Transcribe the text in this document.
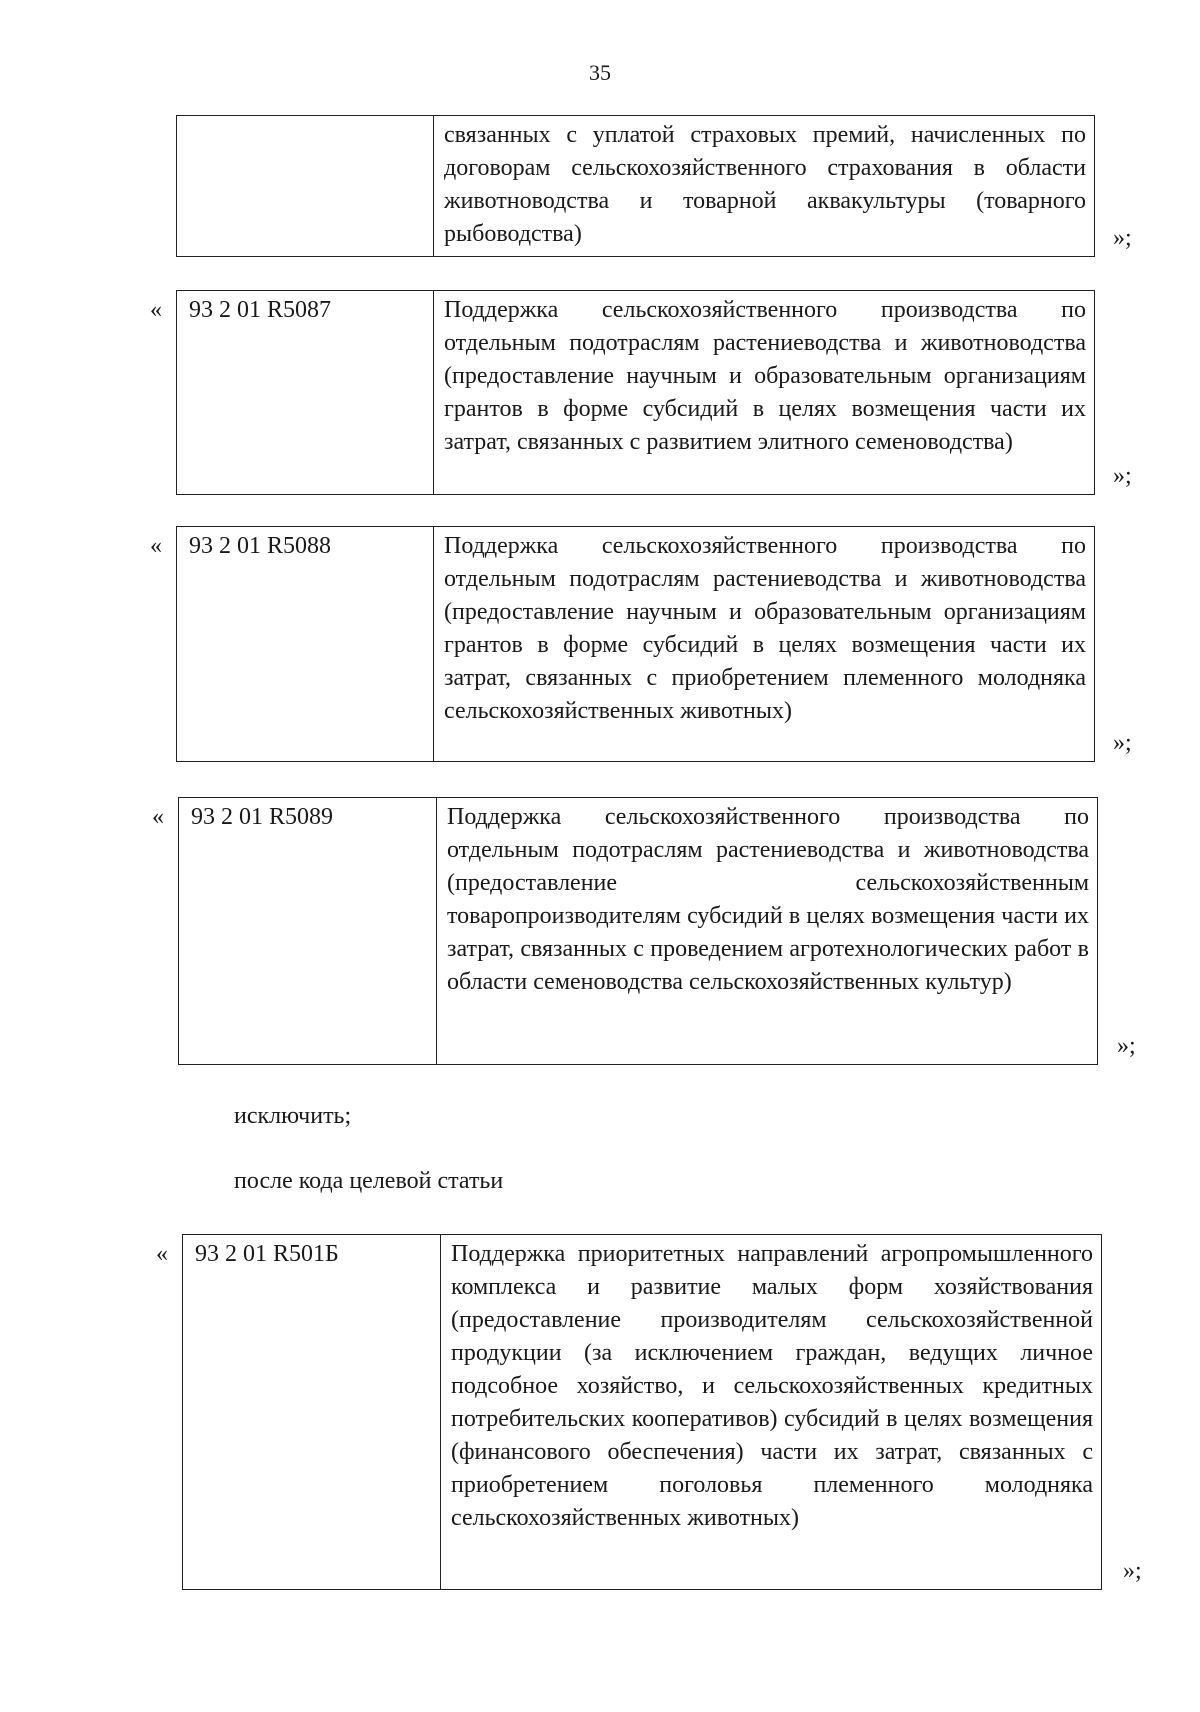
35
связанных с уплатой страховых премий, начисленных по договорам сельскохозяйственного страхования в области животноводства и товарной аквакультуры (товарного рыбоводства)	»;
«	93 2 01 R5087	Поддержка сельскохозяйственного производства по отдельным подотраслям растениеводства и животноводства (предоставление научным и образовательным организациям грантов в форме субсидий в целях возмещения части их затрат, связанных с развитием элитного семеноводства)
»;
«	93 2 01 R5088	Поддержка сельскохозяйственного производства по отдельным подотраслям растениеводства и животноводства (предоставление научным и образовательным организациям грантов в форме субсидий в целях возмещения части их затрат, связанных с приобретением племенного молодняка сельскохозяйственных животных)
»;
«	93 2 01 R5089	Поддержка сельскохозяйственного производства по отдельным подотраслям растениеводства и животноводства (предоставление сельскохозяйственным товаропроизводителям субсидий в целях возмещения части их затрат, связанных с проведением агротехнологических работ в области семеноводства сельскохозяйственных культур)
»;
исключить;
после кода целевой статьи
«	93 2 01 R501Б	Поддержка приоритетных направлений агропромышленного комплекса и развитие малых форм хозяйствования (предоставление производителям сельскохозяйственной продукции (за исключением граждан, ведущих личное подсобное хозяйство, и сельскохозяйственных кредитных потребительских кооперативов) субсидий в целях возмещения (финансового обеспечения) части их затрат, связанных с приобретением поголовья племенного молодняка сельскохозяйственных животных)
»;
